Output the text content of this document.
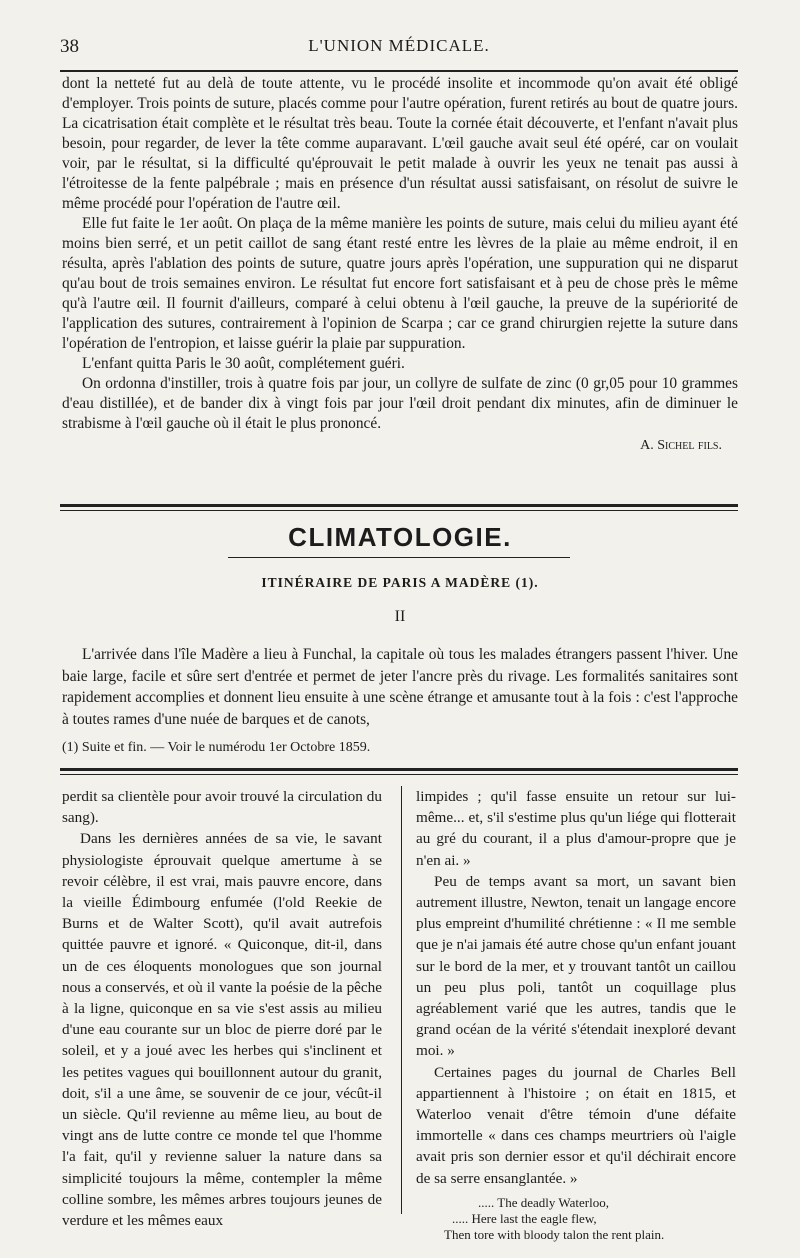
38	L'UNION MÉDICALE.

dont la netteté fut au delà de toute attente, vu le procédé insolite et incommode qu'on avait été obligé d'employer. Trois points de suture, placés comme pour l'autre opération, furent retirés au bout de quatre jours. La cicatrisation était complète et le résultat très beau. Toute la cornée était découverte, et l'enfant n'avait plus besoin, pour regarder, de lever la tête comme auparavant. L'œil gauche avait seul été opéré, car on voulait voir, par le résultat, si la difficulté qu'éprouvait le petit malade à ouvrir les yeux ne tenait pas aussi à l'étroitesse de la fente palpébrale ; mais en présence d'un résultat aussi satisfaisant, on résolut de suivre le même procédé pour l'opération de l'autre œil.

Elle fut faite le 1er août. On plaça de la même manière les points de suture, mais celui du milieu ayant été moins bien serré, et un petit caillot de sang étant resté entre les lèvres de la plaie au même endroit, il en résulta, après l'ablation des points de suture, quatre jours après l'opération, une suppuration qui ne disparut qu'au bout de trois semaines environ. Le résultat fut encore fort satisfaisant et à peu de chose près le même qu'à l'autre œil. Il fournit d'ailleurs, comparé à celui obtenu à l'œil gauche, la preuve de la supériorité de l'application des sutures, contrairement à l'opinion de Scarpa ; car ce grand chirurgien rejette la suture dans l'opération de l'entropion, et laisse guérir la plaie par suppuration.

L'enfant quitta Paris le 30 août, complétement guéri.

On ordonna d'instiller, trois à quatre fois par jour, un collyre de sulfate de zinc (0 gr,05 pour 10 grammes d'eau distillée), et de bander dix à vingt fois par jour l'œil droit pendant dix minutes, afin de diminuer le strabisme à l'œil gauche où il était le plus prononcé.

A. Sichel fils.
CLIMATOLOGIE.
ITINÉRAIRE DE PARIS A MADÈRE (1).
II

L'arrivée dans l'île Madère a lieu à Funchal, la capitale où tous les malades étrangers passent l'hiver. Une baie large, facile et sûre sert d'entrée et permet de jeter l'ancre près du rivage. Les formalités sanitaires sont rapidement accomplies et donnent lieu ensuite à une scène étrange et amusante tout à la fois : c'est l'approche à toutes rames d'une nuée de barques et de canots,

(1) Suite et fin. — Voir le numérodu 1er Octobre 1859.

perdit sa clientèle pour avoir trouvé la circulation du sang).

Dans les dernières années de sa vie, le savant physiologiste éprouvait quelque amertume à se revoir célèbre, il est vrai, mais pauvre encore, dans la vieille Édimbourg enfumée (l'old Reekie de Burns et de Walter Scott), qu'il avait autrefois quittée pauvre et ignoré. « Quiconque, dit-il, dans un de ces éloquents monologues que son journal nous a conservés, et où il vante la poésie de la pêche à la ligne, quiconque en sa vie s'est assis au milieu d'une eau courante sur un bloc de pierre doré par le soleil, et y a joué avec les herbes qui s'inclinent et les petites vagues qui bouillonnent autour du granit, doit, s'il a une âme, se souvenir de ce jour, vécût-il un siècle. Qu'il revienne au même lieu, au bout de vingt ans de lutte contre ce monde tel que l'homme l'a fait, qu'il y revienne saluer la nature dans sa simplicité toujours la même, contempler la même colline sombre, les mêmes arbres toujours jeunes de verdure et les mêmes eaux

limpides ; qu'il fasse ensuite un retour sur lui-même... et, s'il s'estime plus qu'un liége qui flotterait au gré du courant, il a plus d'amour-propre que je n'en ai. »

Peu de temps avant sa mort, un savant bien autrement illustre, Newton, tenait un langage encore plus empreint d'humilité chrétienne : « Il me semble que je n'ai jamais été autre chose qu'un enfant jouant sur le bord de la mer, et y trouvant tantôt un caillou un peu plus poli, tantôt un coquillage plus agréablement varié que les autres, tandis que le grand océan de la vérité s'étendait inexploré devant moi. »

Certaines pages du journal de Charles Bell appartiennent à l'histoire ; on était en 1815, et Waterloo venait d'être témoin d'une défaite immortelle « dans ces champs meurtriers où l'aigle avait pris son dernier essor et qu'il déchirait encore de sa serre ensanglantée. »

..... The deadly Waterloo,
..... Here last the eagle flew,
Then tore with bloody talon the rent plain.
